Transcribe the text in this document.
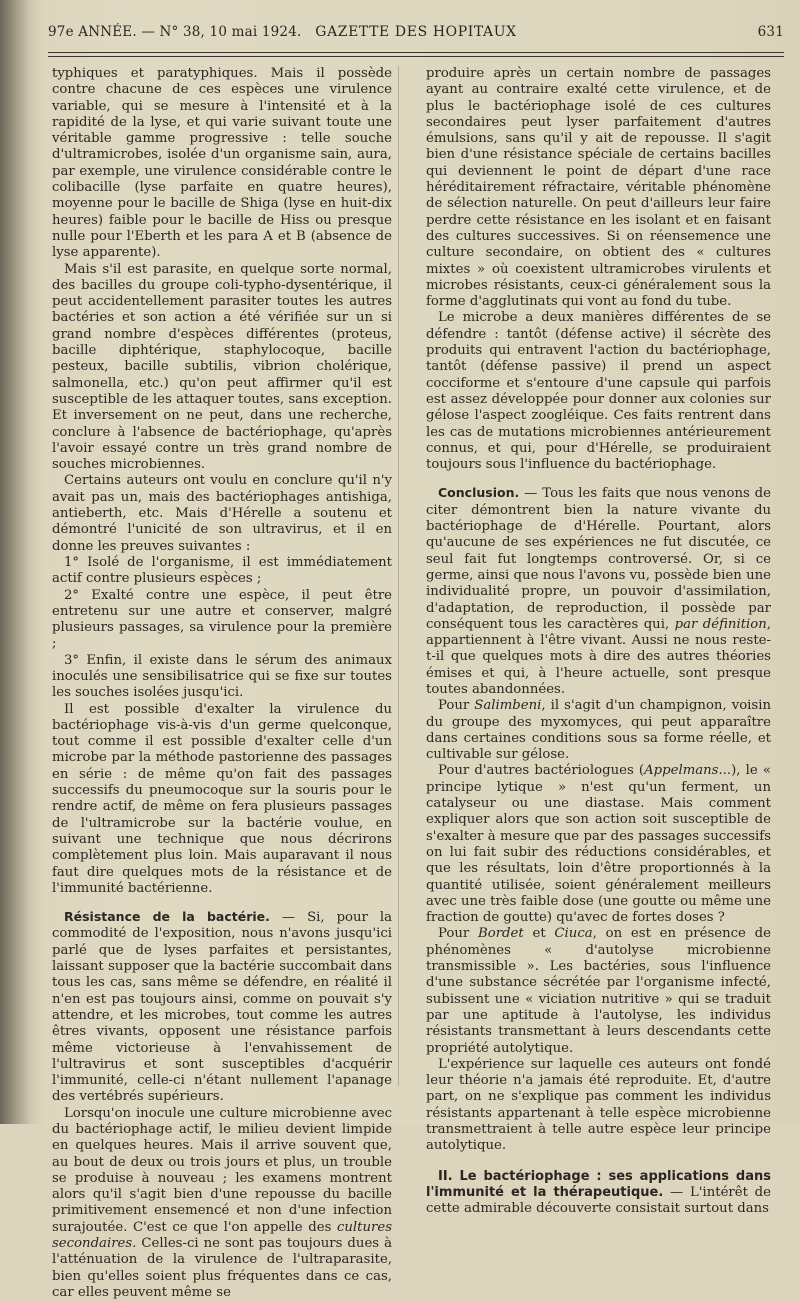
97e ANNÉE. — N° 38, 10 mai 1924. GAZETTE DES HOPITAUX	631

typhiques et paratyphiques. Mais il possède contre chacune de ces espèces une virulence variable, qui se mesure à l'intensité et à la rapidité de la lyse, et qui varie suivant toute une véritable gamme progressive : telle souche d'ultramicrobes, isolée d'un organisme sain, aura, par exemple, une virulence considérable contre le colibacille (lyse parfaite en quatre heures), moyenne pour le bacille de Shiga (lyse en huit-dix heures) faible pour le bacille de Hiss ou presque nulle pour l'Eberth et les para A et B (absence de lyse apparente).

Mais s'il est parasite, en quelque sorte normal, des bacilles du groupe coli-typho-dysentérique, il peut accidentellement parasiter toutes les autres bactéries et son action a été vérifiée sur un si grand nombre d'espèces différentes (proteus, bacille diphtérique, staphylocoque, bacille pesteux, bacille subtilis, vibrion cholérique, salmonella, etc.) qu'on peut affirmer qu'il est susceptible de les attaquer toutes, sans exception. Et inversement on ne peut, dans une recherche, conclure à l'absence de bactériophage, qu'après l'avoir essayé contre un très grand nombre de souches microbiennes.

Certains auteurs ont voulu en conclure qu'il n'y avait pas un, mais des bactériophages antishiga, antieberth, etc. Mais d'Hérelle a soutenu et démontré l'unicité de son ultravirus, et il en donne les preuves suivantes :

1° Isolé de l'organisme, il est immédiatement actif contre plusieurs espèces ;

2° Exalté contre une espèce, il peut être entretenu sur une autre et conserver, malgré plusieurs passages, sa virulence pour la première ;

3° Enfin, il existe dans le sérum des animaux inoculés une sensibilisatrice qui se fixe sur toutes les souches isolées jusqu'ici.

Il est possible d'exalter la virulence du bactériophage vis-à-vis d'un germe quelconque, tout comme il est possible d'exalter celle d'un microbe par la méthode pastorienne des passages en série : de même qu'on fait des passages successifs du pneumocoque sur la souris pour le rendre actif, de même on fera plusieurs passages de l'ultramicrobe sur la bactérie voulue, en suivant une technique que nous décrirons complètement plus loin. Mais auparavant il nous faut dire quelques mots de la résistance et de l'immunité bactérienne.

Résistance de la bactérie. — Si, pour la commodité de l'exposition, nous n'avons jusqu'ici parlé que de lyses parfaites et persistantes, laissant supposer que la bactérie succombait dans tous les cas, sans même se défendre, en réalité il n'en est pas toujours ainsi, comme on pouvait s'y attendre, et les microbes, tout comme les autres êtres vivants, opposent une résistance parfois même victorieuse à l'envahissement de l'ultravirus et sont susceptibles d'acquérir l'immunité, celle-ci n'étant nullement l'apanage des vertébrés supérieurs.

Lorsqu'on inocule une culture microbienne avec du bactériophage actif, le milieu devient limpide en quelques heures. Mais il arrive souvent que, au bout de deux ou trois jours et plus, un trouble se produise à nouveau ; les examens montrent alors qu'il s'agit bien d'une repousse du bacille primitivement ensemencé et non d'une infection surajoutée. C'est ce que l'on appelle des cultures secondaires. Celles-ci ne sont pas toujours dues à l'atténuation de la virulence de l'ultraparasite, bien qu'elles soient plus fréquentes dans ce cas, car elles peuvent même se

produire après un certain nombre de passages ayant au contraire exalté cette virulence, et de plus le bactériophage isolé de ces cultures secondaires peut lyser parfaitement d'autres émulsions, sans qu'il y ait de repousse. Il s'agit bien d'une résistance spéciale de certains bacilles qui deviennent le point de départ d'une race héréditairement réfractaire, véritable phénomène de sélection naturelle. On peut d'ailleurs leur faire perdre cette résistance en les isolant et en faisant des cultures successives. Si on réensemence une culture secondaire, on obtient des « cultures mixtes » où coexistent ultramicrobes virulents et microbes résistants, ceux-ci généralement sous la forme d'agglutinats qui vont au fond du tube.

Le microbe a deux manières différentes de se défendre : tantôt (défense active) il sécrète des produits qui entravent l'action du bactériophage, tantôt (défense passive) il prend un aspect cocciforme et s'entoure d'une capsule qui parfois est assez développée pour donner aux colonies sur gélose l'aspect zoogléique. Ces faits rentrent dans les cas de mutations microbiennes antérieurement connus, et qui, pour d'Hérelle, se produiraient toujours sous l'influence du bactériophage.

Conclusion. — Tous les faits que nous venons de citer démontrent bien la nature vivante du bactériophage de d'Hérelle. Pourtant, alors qu'aucune de ses expériences ne fut discutée, ce seul fait fut longtemps controversé. Or, si ce germe, ainsi que nous l'avons vu, possède bien une individualité propre, un pouvoir d'assimilation, d'adaptation, de reproduction, il possède par conséquent tous les caractères qui, par définition, appartiennent à l'être vivant. Aussi ne nous reste-t-il que quelques mots à dire des autres théories émises et qui, à l'heure actuelle, sont presque toutes abandonnées.

Pour Salimbeni, il s'agit d'un champignon, voisin du groupe des myxomyces, qui peut apparaître dans certaines conditions sous sa forme réelle, et cultivable sur gélose.

Pour d'autres bactériologues (Appelmans...), le « principe lytique » n'est qu'un ferment, un catalyseur ou une diastase. Mais comment expliquer alors que son action soit susceptible de s'exalter à mesure que par des passages successifs on lui fait subir des réductions considérables, et que les résultats, loin d'être proportionnés à la quantité utilisée, soient généralement meilleurs avec une très faible dose (une goutte ou même une fraction de goutte) qu'avec de fortes doses ?

Pour Bordet et Ciuca, on est en présence de phénomènes « d'autolyse microbienne transmissible ». Les bactéries, sous l'influence d'une substance sécrétée par l'organisme infecté, subissent une « viciation nutritive » qui se traduit par une aptitude à l'autolyse, les individus résistants transmettant à leurs descendants cette propriété autolytique.

L'expérience sur laquelle ces auteurs ont fondé leur théorie n'a jamais été reproduite. Et, d'autre part, on ne s'explique pas comment les individus résistants appartenant à telle espèce microbienne transmettraient à telle autre espèce leur principe autolytique.

II. Le bactériophage : ses applications dans l'immunité et la thérapeutique. — L'intérêt de cette admirable découverte consistait surtout dans
